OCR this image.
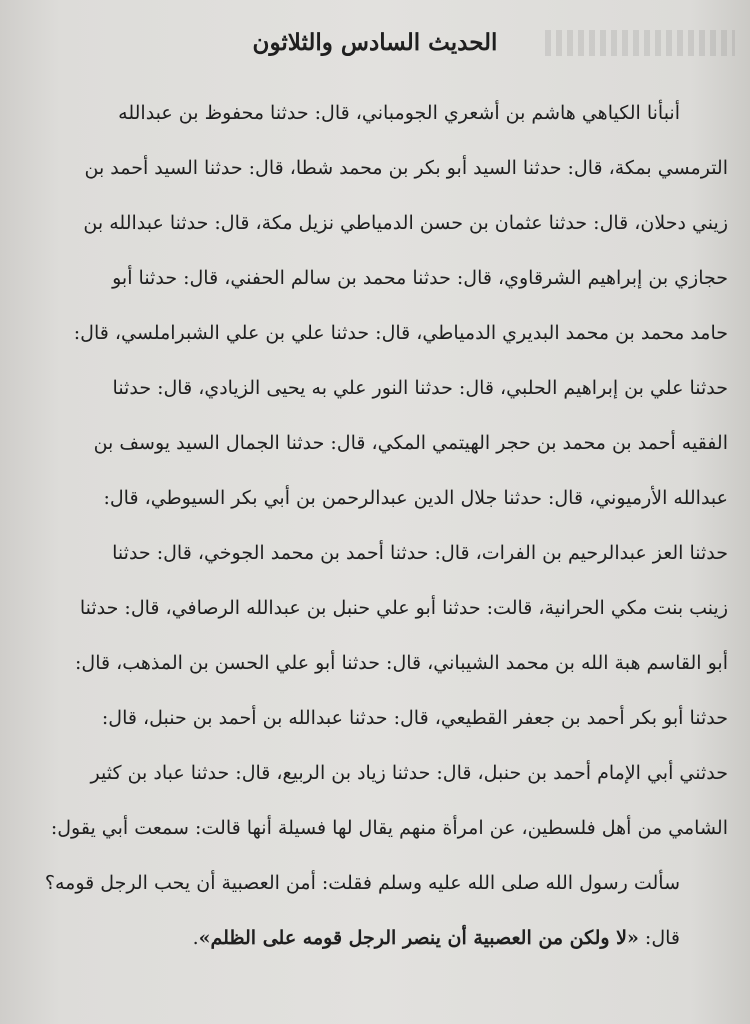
الحديث السادس والثلاثون
أنبأنا الكياهي هاشم بن أشعري الجومباني، قال: حدثنا محفوظ بن عبدالله
الترمسي بمكة، قال: حدثنا السيد أبو بكر بن محمد شطا، قال: حدثنا السيد أحمد بن
زيني دحلان، قال: حدثنا عثمان بن حسن الدمياطي نزيل مكة، قال: حدثنا عبدالله بن
حجازي بن إبراهيم الشرقاوي، قال: حدثنا محمد بن سالم الحفني، قال: حدثنا أبو
حامد محمد بن محمد البديري الدمياطي، قال: حدثنا علي بن علي الشبراملسي، قال:
حدثنا علي بن إبراهيم الحلبي، قال: حدثنا النور علي به يحيى الزيادي، قال: حدثنا
الفقيه أحمد بن محمد بن حجر الهيتمي المكي، قال: حدثنا الجمال السيد يوسف بن
عبدالله الأرميوني، قال: حدثنا جلال الدين عبدالرحمن بن أبي بكر السيوطي، قال:
حدثنا العز عبدالرحيم بن الفرات، قال: حدثنا أحمد بن محمد الجوخي، قال: حدثنا
زينب بنت مكي الحرانية، قالت: حدثنا أبو علي حنبل بن عبدالله الرصافي، قال: حدثنا
أبو القاسم هبة الله بن محمد الشيباني، قال: حدثنا أبو علي الحسن بن المذهب، قال:
حدثنا أبو بكر أحمد بن جعفر القطيعي، قال: حدثنا عبدالله بن أحمد بن حنبل، قال:
حدثني أبي الإمام أحمد بن حنبل، قال: حدثنا زياد بن الربيع، قال: حدثنا عباد بن كثير
الشامي من أهل فلسطين، عن امرأة منهم يقال لها فسيلة أنها قالت: سمعت أبي يقول:
سألت رسول الله صلى الله عليه وسلم فقلت: أمن العصبية أن يحب الرجل قومه؟
قال: «لا ولكن من العصبية أن ينصر الرجل قومه على الظلم».
